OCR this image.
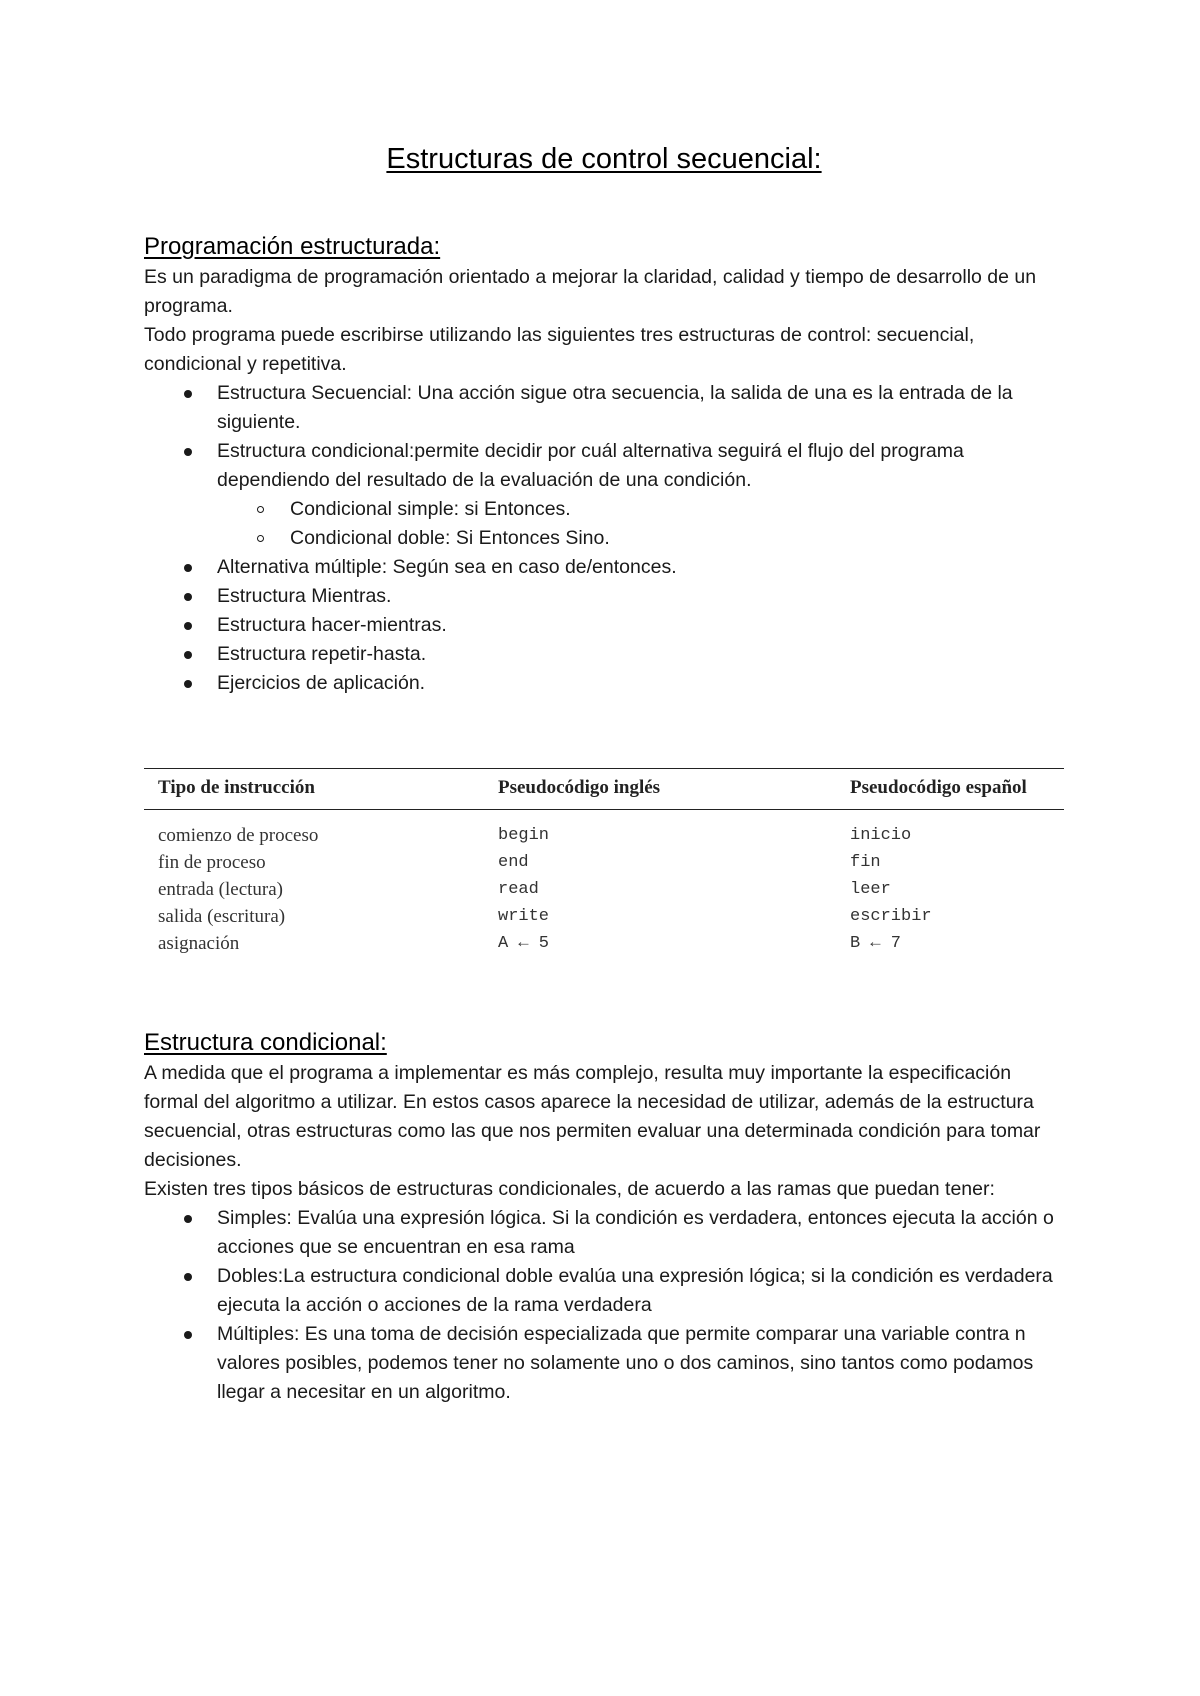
Estructuras de control secuencial:
Programación estructurada:

Es un paradigma de programación orientado a mejorar la claridad, calidad y tiempo de desarrollo de un programa.

Todo programa puede escribirse utilizando las siguientes tres estructuras de control: secuencial, condicional y repetitiva.

Estructura Secuencial: Una acción sigue otra secuencia, la salida de una es la entrada de la siguiente.
Estructura condicional:permite decidir por cuál alternativa seguirá el flujo del programa dependiendo del resultado de la evaluación de una condición.
Condicional simple: si Entonces.
Condicional doble: Si Entonces Sino.
Alternativa múltiple: Según sea en caso de/entonces.
Estructura Mientras.
Estructura hacer-mientras.
Estructura repetir-hasta.
Ejercicios de aplicación.
Tipo de instrucción	Pseudocódigo inglés	Pseudocódigo español
comienzo de proceso	begin	inicio
fin de proceso	end	fin
entrada (lectura)	read	leer
salida (escritura)	write	escribir
asignación	A ← 5	B ← 7
Estructura condicional:

A medida que el programa a implementar es más complejo, resulta muy importante la especificación formal del algoritmo a utilizar. En estos casos aparece la necesidad de utilizar, además de la estructura secuencial, otras estructuras como las que nos permiten evaluar una determinada condición para tomar decisiones.

Existen tres tipos básicos de estructuras condicionales, de acuerdo a las ramas que puedan tener:

Simples: Evalúa una expresión lógica. Si la condición es verdadera, entonces ejecuta la acción o acciones que se encuentran en esa rama
Dobles:La estructura condicional doble evalúa una expresión lógica; si la condición es verdadera ejecuta la acción o acciones de la rama verdadera
Múltiples: Es una toma de decisión especializada que permite comparar una variable contra n valores posibles, podemos tener no solamente uno o dos caminos, sino tantos como podamos llegar a necesitar en un algoritmo.
